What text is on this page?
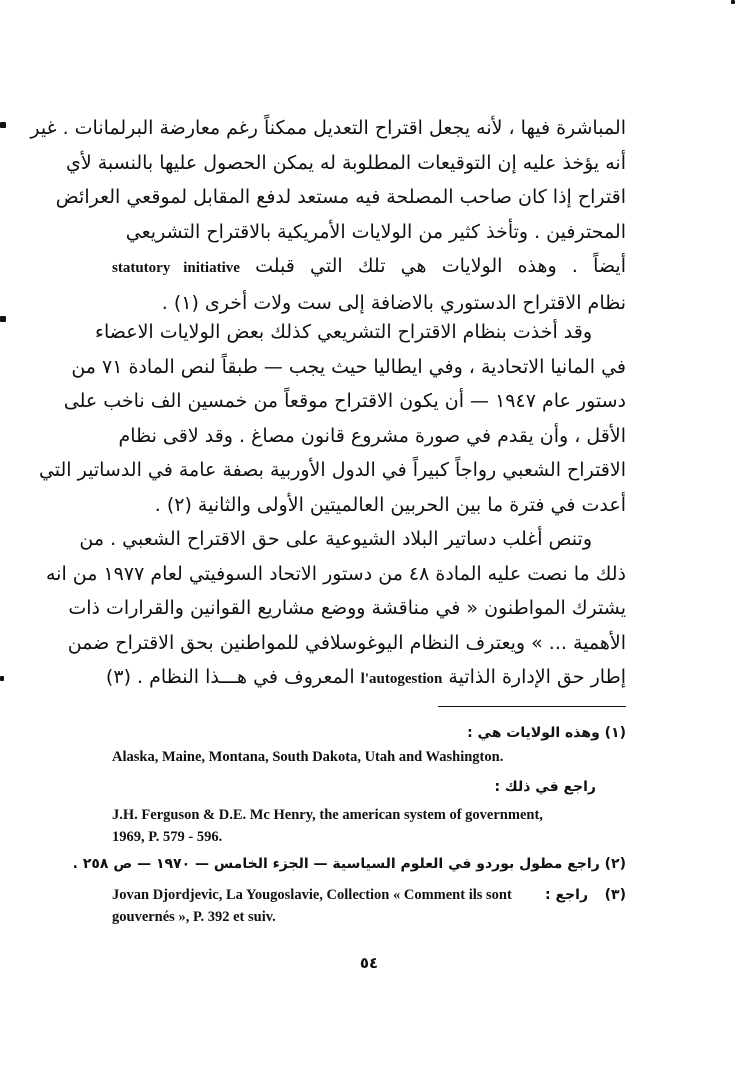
المباشرة فيها ، لأنه يجعل اقتراح التعديل ممكناً رغم معارضة البرلمانات . غير
أنه يؤخذ عليه إن التوقيعات المطلوبة له يمكن الحصول عليها بالنسبة لأي
اقتراح إذا كان صاحب المصلحة فيه مستعد لدفع المقابل لموقعي العرائض
المحترفين . وتأخذ كثير من الولايات الأمريكية بالاقتراح التشريعي
أيضاً . وهذه الولايات هي تلك التي قبلت statutory initiative
نظام الاقتراح الدستوري بالاضافة إلى ست ولات أخرى (١) .
وقد أخذت بنظام الاقتراح التشريعي كذلك بعض الولايات الاعضاء
في المانيا الاتحادية ، وفي ايطاليا حيث يجب — طبقاً لنص المادة ٧١ من
دستور عام ١٩٤٧ — أن يكون الاقتراح موقعاً من خمسين الف ناخب على
الأقل ، وأن يقدم في صورة مشروع قانون مصاغ . وقد لاقى نظام
الاقتراح الشعبي رواجاً كبيراً في الدول الأوربية بصفة عامة في الدساتير التي
أعدت في فترة ما بين الحربين العالميتين الأولى والثانية (٢) .
وتنص أغلب دساتير البلاد الشيوعية على حق الاقتراح الشعبي . من
ذلك ما نصت عليه المادة ٤٨ من دستور الاتحاد السوفيتي لعام ١٩٧٧ من انه
يشترك المواطنون « في مناقشة ووضع مشاريع القوانين والقرارات ذات
الأهمية ... » ويعترف النظام اليوغوسلافي للمواطنين بحق الاقتراح ضمن
إطار حق الإدارة الذاتية l'autogestion المعروف في هـــذا النظام . (٣)
(١) وهذه الولايات هي :
Alaska, Maine, Montana, South Dakota, Utah and Washington.
راجع في ذلك :
J.H. Ferguson & D.E. Mc Henry, the american system of government, 1969, P. 579 - 596.
(٢) راجع مطول بوردو في العلوم السياسية — الجزء الخامس — ١٩٧٠ — ص ٢٥٨ .
(٣)
راجع :
Jovan Djordjevic, La Yougoslavie, Collection « Comment ils sont gouvernés », P. 392 et suiv.
٥٤
